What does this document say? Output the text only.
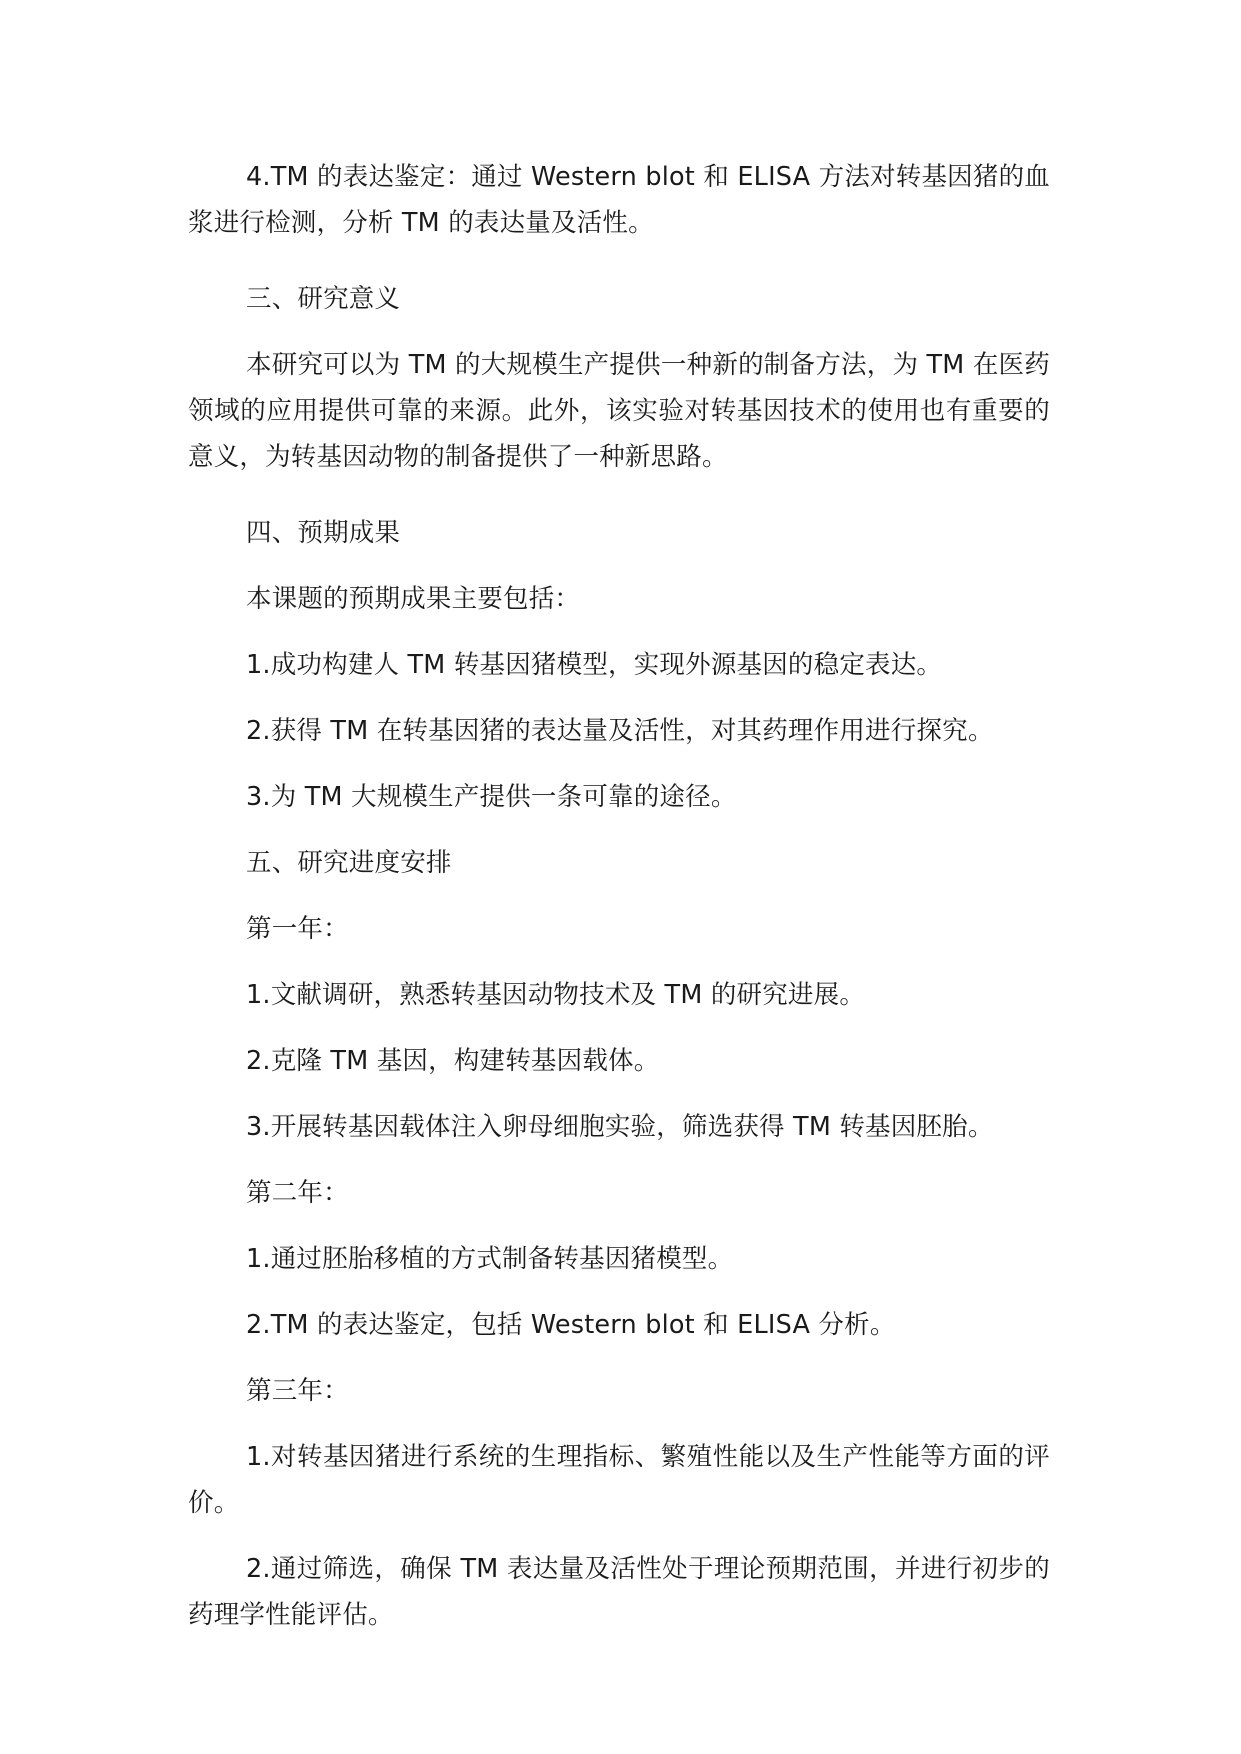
4.TM 的表达鉴定：通过 Western blot 和 ELISA 方法对转基因猪的血浆进行检测，分析 TM 的表达量及活性。

三、研究意义

本研究可以为 TM 的大规模生产提供一种新的制备方法，为 TM 在医药领域的应用提供可靠的来源。此外，该实验对转基因技术的使用也有重要的意义，为转基因动物的制备提供了一种新思路。

四、预期成果

本课题的预期成果主要包括：

1.成功构建人 TM 转基因猪模型，实现外源基因的稳定表达。

2.获得 TM 在转基因猪的表达量及活性，对其药理作用进行探究。

3.为 TM 大规模生产提供一条可靠的途径。

五、研究进度安排

第一年：

1.文献调研，熟悉转基因动物技术及 TM 的研究进展。

2.克隆 TM 基因，构建转基因载体。

3.开展转基因载体注入卵母细胞实验，筛选获得 TM 转基因胚胎。

第二年：

1.通过胚胎移植的方式制备转基因猪模型。

2.TM 的表达鉴定，包括 Western blot 和 ELISA 分析。

第三年：

1.对转基因猪进行系统的生理指标、繁殖性能以及生产性能等方面的评价。

2.通过筛选，确保 TM 表达量及活性处于理论预期范围，并进行初步的药理学性能评估。
